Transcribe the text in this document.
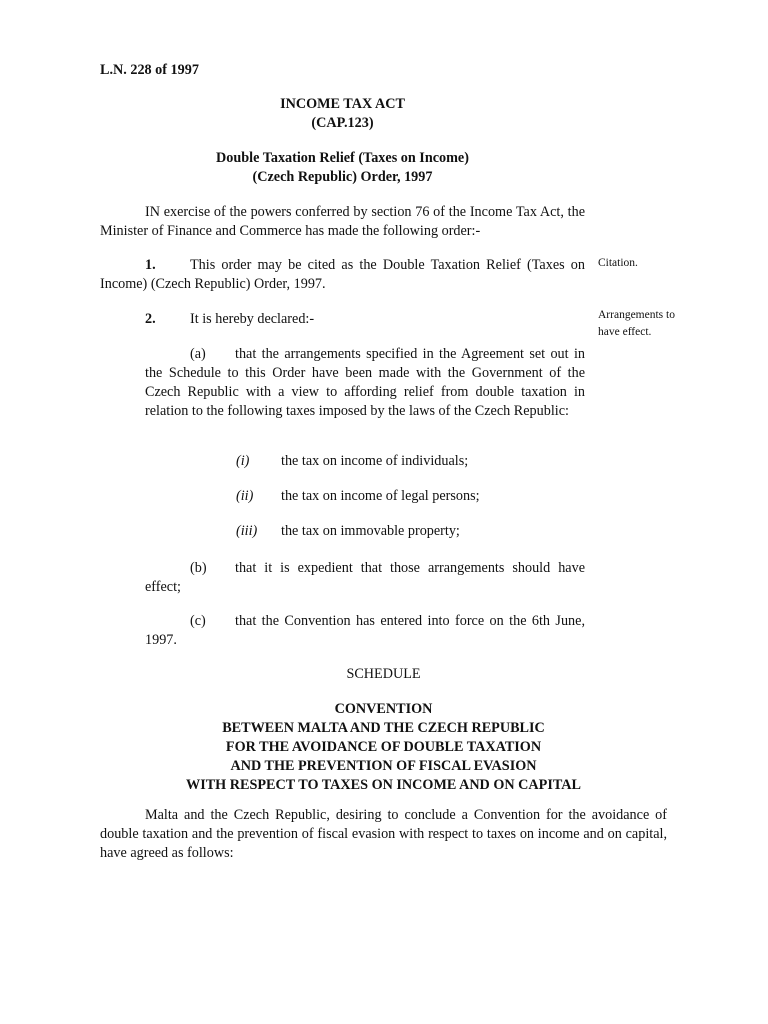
L.N. 228 of 1997

INCOME TAX ACT

(CAP.123)

Double Taxation Relief (Taxes on Income)

(Czech Republic) Order, 1997

IN exercise of the powers conferred by section 76 of the Income Tax Act, the Minister of Finance and Commerce has made the following order:-

1. This order may be cited as the Double Taxation Relief (Taxes on Income) (Czech Republic) Order, 1997.

Citation.

2. It is hereby declared:-	Arrangements to have effect.

(a) that the arrangements specified in the Agreement set out in the Schedule to this Order have been made with the Government of the Czech Republic with a view to affording relief from double taxation in relation to the following taxes imposed by the laws of the Czech Republic:

(i) the tax on income of individuals;
(ii) the tax on income of legal persons;
(iii) the tax on immovable property;

(b) that it is expedient that those arrangements should have effect;

(c) that the Convention has entered into force on the 6th June, 1997.

SCHEDULE

CONVENTION
BETWEEN MALTA AND THE CZECH REPUBLIC
FOR THE AVOIDANCE OF DOUBLE TAXATION
AND THE PREVENTION OF FISCAL EVASION
WITH RESPECT TO TAXES ON INCOME AND ON CAPITAL

Malta and the Czech Republic, desiring to conclude a Convention for the avoidance of double taxation and the prevention of fiscal evasion with respect to taxes on income and on capital, have agreed as follows:
